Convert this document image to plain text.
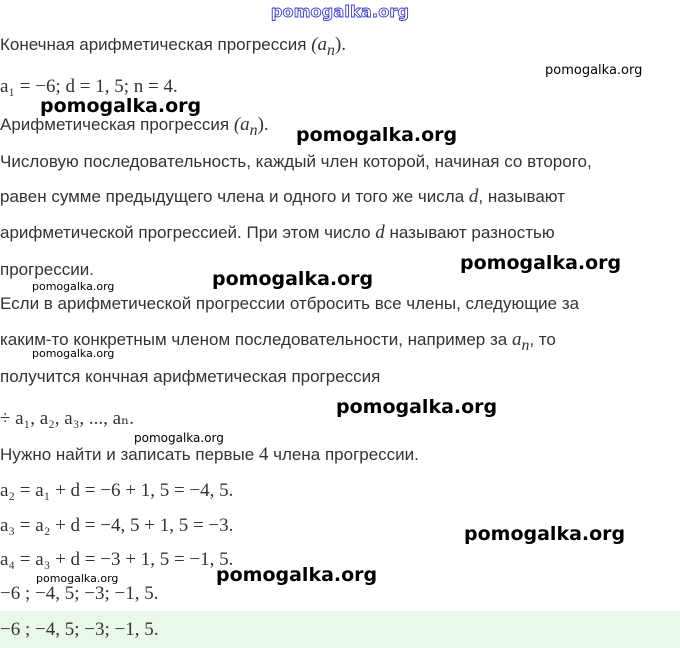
pomogalka.org
Конечная арифметическая прогрессия $(a_n)$.
a₁ = −6; d = 1, 5; n = 4.
Арифметическая прогрессия $(a_n)$.
Числовую последовательность, каждый член которой, начиная со второго,
равен сумме предыдущего члена и одного и того же числа d, называют
арифметической прогрессией. При этом число d называют разностью
прогрессии.
Если в арифметической прогрессии отбросить все члены, следующие за
каким-то конкретным членом последовательности, например за $a_n$, то
получится кончная арифметическая прогрессия
÷ a₁, a₂, a₃, ..., aₙ.
Нужно найти и записать первые 4 члена прогрессии.
a₂ = a₁ + d = −6 + 1, 5 = −4, 5.
a₃ = a₂ + d = −4, 5 + 1, 5 = −3.
a₄ = a₃ + d = −3 + 1, 5 = −1, 5.
−6 ; −4, 5; −3; −1, 5.
−6 ; −4, 5; −3; −1, 5.
pomogalka.org
pomogalka.org
pomogalka.org
pomogalka.org
pomogalka.org
pomogalka.org
pomogalka.org
pomogalka.org
pomogalka.org
pomogalka.org
pomogalka.org
pomogalka.org
